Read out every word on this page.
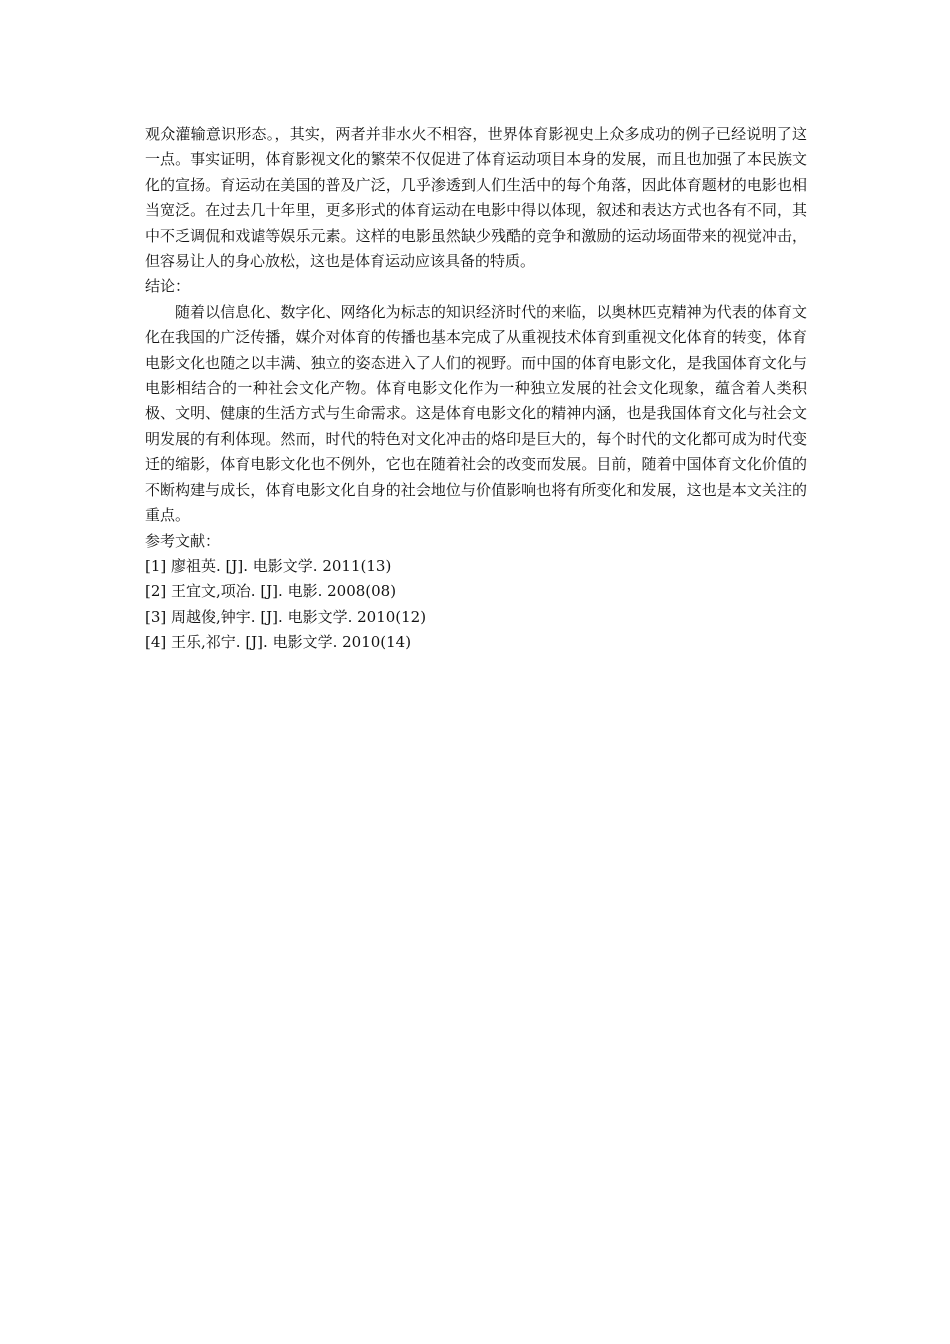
观众灌输意识形态。，其实，两者并非水火不相容，世界体育影视史上众多成功的例子已经说明了这一点。事实证明，体育影视文化的繁荣不仅促进了体育运动项目本身的发展，而且也加强了本民族文化的宣扬。育运动在美国的普及广泛，几乎渗透到人们生活中的每个角落，因此体育题材的电影也相当宽泛。在过去几十年里，更多形式的体育运动在电影中得以体现，叙述和表达方式也各有不同，其中不乏调侃和戏谑等娱乐元素。这样的电影虽然缺少残酷的竞争和激励的运动场面带来的视觉冲击，但容易让人的身心放松，这也是体育运动应该具备的特质。

结论：

随着以信息化、数字化、网络化为标志的知识经济时代的来临，以奥林匹克精神为代表的体育文化在我国的广泛传播，媒介对体育的传播也基本完成了从重视技术体育到重视文化体育的转变，体育电影文化也随之以丰满、独立的姿态进入了人们的视野。而中国的体育电影文化，是我国体育文化与电影相结合的一种社会文化产物。体育电影文化作为一种独立发展的社会文化现象，蕴含着人类积极、文明、健康的生活方式与生命需求。这是体育电影文化的精神内涵，也是我国体育文化与社会文明发展的有利体现。然而，时代的特色对文化冲击的烙印是巨大的，每个时代的文化都可成为时代变迁的缩影，体育电影文化也不例外，它也在随着社会的改变而发展。目前，随着中国体育文化价值的不断构建与成长，体育电影文化自身的社会地位与价值影响也将有所变化和发展，这也是本文关注的重点。

参考文献：

[1] 廖祖英. [J]. 电影文学. 2011(13)
[2] 王宜文,项冶. [J]. 电影. 2008(08)
[3] 周越俊,钟宇. [J]. 电影文学. 2010(12)
[4] 王乐,祁宁. [J]. 电影文学. 2010(14)
